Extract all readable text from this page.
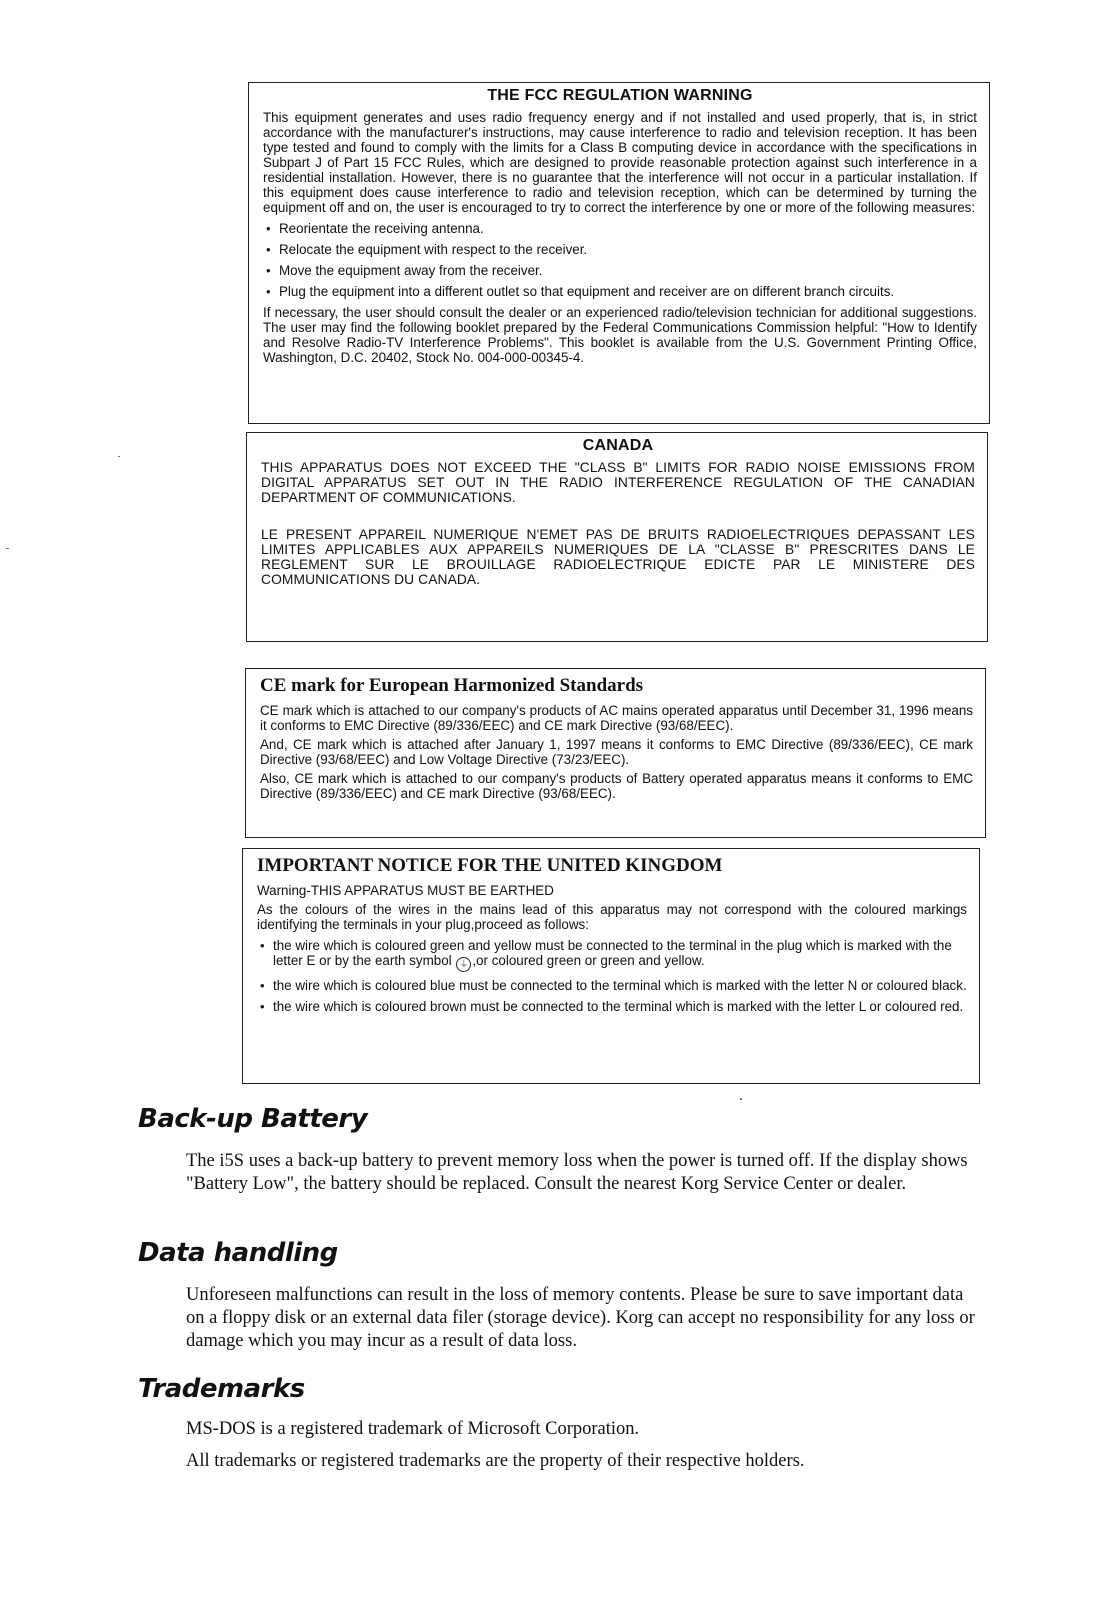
THE FCC REGULATION WARNING

This equipment generates and uses radio frequency energy and if not installed and used properly, that is, in strict accordance with the manufacturer's instructions, may cause interference to radio and television reception. It has been type tested and found to comply with the limits for a Class B computing device in accordance with the specifications in Subpart J of Part 15 FCC Rules, which are designed to provide reasonable protection against such interference in a residential installation. However, there is no guarantee that the interference will not occur in a particular installation. If this equipment does cause interference to radio and television reception, which can be determined by turning the equipment off and on, the user is encouraged to try to correct the interference by one or more of the following measures:

• Reorientate the receiving antenna.
• Relocate the equipment with respect to the receiver.
• Move the equipment away from the receiver.
• Plug the equipment into a different outlet so that equipment and receiver are on different branch circuits.

If necessary, the user should consult the dealer or an experienced radio/television technician for additional suggestions. The user may find the following booklet prepared by the Federal Communications Commission helpful: "How to Identify and Resolve Radio-TV Interference Problems". This booklet is available from the U.S. Government Printing Office, Washington, D.C. 20402, Stock No. 004-000-00345-4.

CANADA

THIS APPARATUS DOES NOT EXCEED THE "CLASS B" LIMITS FOR RADIO NOISE EMISSIONS FROM DIGITAL APPARATUS SET OUT IN THE RADIO INTERFERENCE REGULATION OF THE CANADIAN DEPARTMENT OF COMMUNICATIONS.

LE PRESENT APPAREIL NUMERIQUE N'EMET PAS DE BRUITS RADIOELECTRIQUES DEPASSANT LES LIMITES APPLICABLES AUX APPAREILS NUMERIQUES DE LA "CLASSE B" PRESCRITES DANS LE REGLEMENT SUR LE BROUILLAGE RADIOELECTRIQUE EDICTE PAR LE MINISTERE DES COMMUNICATIONS DU CANADA.

CE mark for European Harmonized Standards

CE mark which is attached to our company's products of AC mains operated apparatus until December 31, 1996 means it conforms to EMC Directive (89/336/EEC) and CE mark Directive (93/68/EEC).

And, CE mark which is attached after January 1, 1997 means it conforms to EMC Directive (89/336/EEC), CE mark Directive (93/68/EEC) and Low Voltage Directive (73/23/EEC).

Also, CE mark which is attached to our company's products of Battery operated apparatus means it conforms to EMC Directive (89/336/EEC) and CE mark Directive (93/68/EEC).

IMPORTANT NOTICE FOR THE UNITED KINGDOM

Warning-THIS APPARATUS MUST BE EARTHED

As the colours of the wires in the mains lead of this apparatus may not correspond with the coloured markings identifying the terminals in your plug,proceed as follows:

• the wire which is coloured green and yellow must be connected to the terminal in the plug which is marked with the letter E or by the earth symbol ⏚ ,or coloured green or green and yellow.
• the wire which is coloured blue must be connected to the terminal which is marked with the letter N or coloured black.
• the wire which is coloured brown must be connected to the terminal which is marked with the letter L or coloured red.
Back-up Battery

The i5S uses a back-up battery to prevent memory loss when the power is turned off. If the display shows "Battery Low", the battery should be replaced. Consult the nearest Korg Service Center or dealer.

Data handling

Unforeseen malfunctions can result in the loss of memory contents. Please be sure to save important data on a floppy disk or an external data filer (storage device). Korg can accept no responsibility for any loss or damage which you may incur as a result of data loss.

Trademarks

MS-DOS is a registered trademark of Microsoft Corporation.

All trademarks or registered trademarks are the property of their respective holders.
